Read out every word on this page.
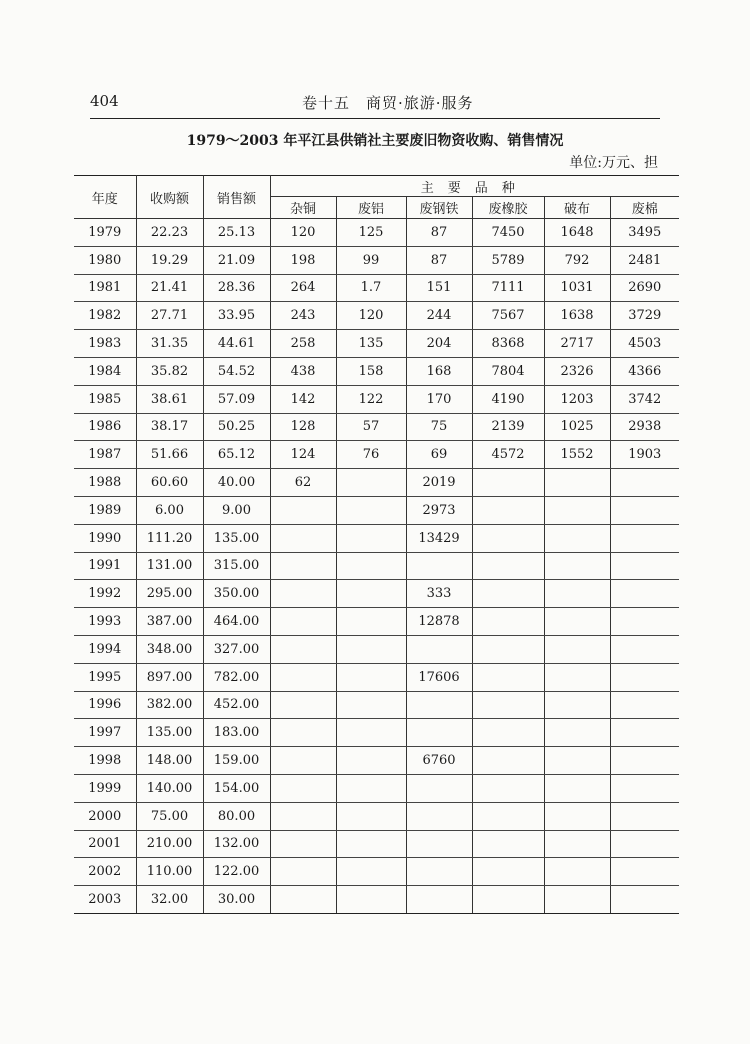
404	卷十五　商贸·旅游·服务
1979～2003 年平江县供销社主要废旧物资收购、销售情况
单位:万元、担
年度	收购额	销售额	主要品种					
			杂铜	废铝	废钢铁	废橡胶	破布	废棉
1979	22.23	25.13	120	125	87	7450	1648	3495
1980	19.29	21.09	198	99	87	5789	792	2481
1981	21.41	28.36	264	1.7	151	7111	1031	2690
1982	27.71	33.95	243	120	244	7567	1638	3729
1983	31.35	44.61	258	135	204	8368	2717	4503
1984	35.82	54.52	438	158	168	7804	2326	4366
1985	38.61	57.09	142	122	170	4190	1203	3742
1986	38.17	50.25	128	57	75	2139	1025	2938
1987	51.66	65.12	124	76	69	4572	1552	1903
1988	60.60	40.00	62		2019			
1989	6.00	9.00			2973			
1990	111.20	135.00			13429			
1991	131.00	315.00						
1992	295.00	350.00			333			
1993	387.00	464.00			12878			
1994	348.00	327.00						
1995	897.00	782.00			17606			
1996	382.00	452.00						
1997	135.00	183.00						
1998	148.00	159.00			6760			
1999	140.00	154.00						
2000	75.00	80.00						
2001	210.00	132.00						
2002	110.00	122.00						
2003	32.00	30.00						
